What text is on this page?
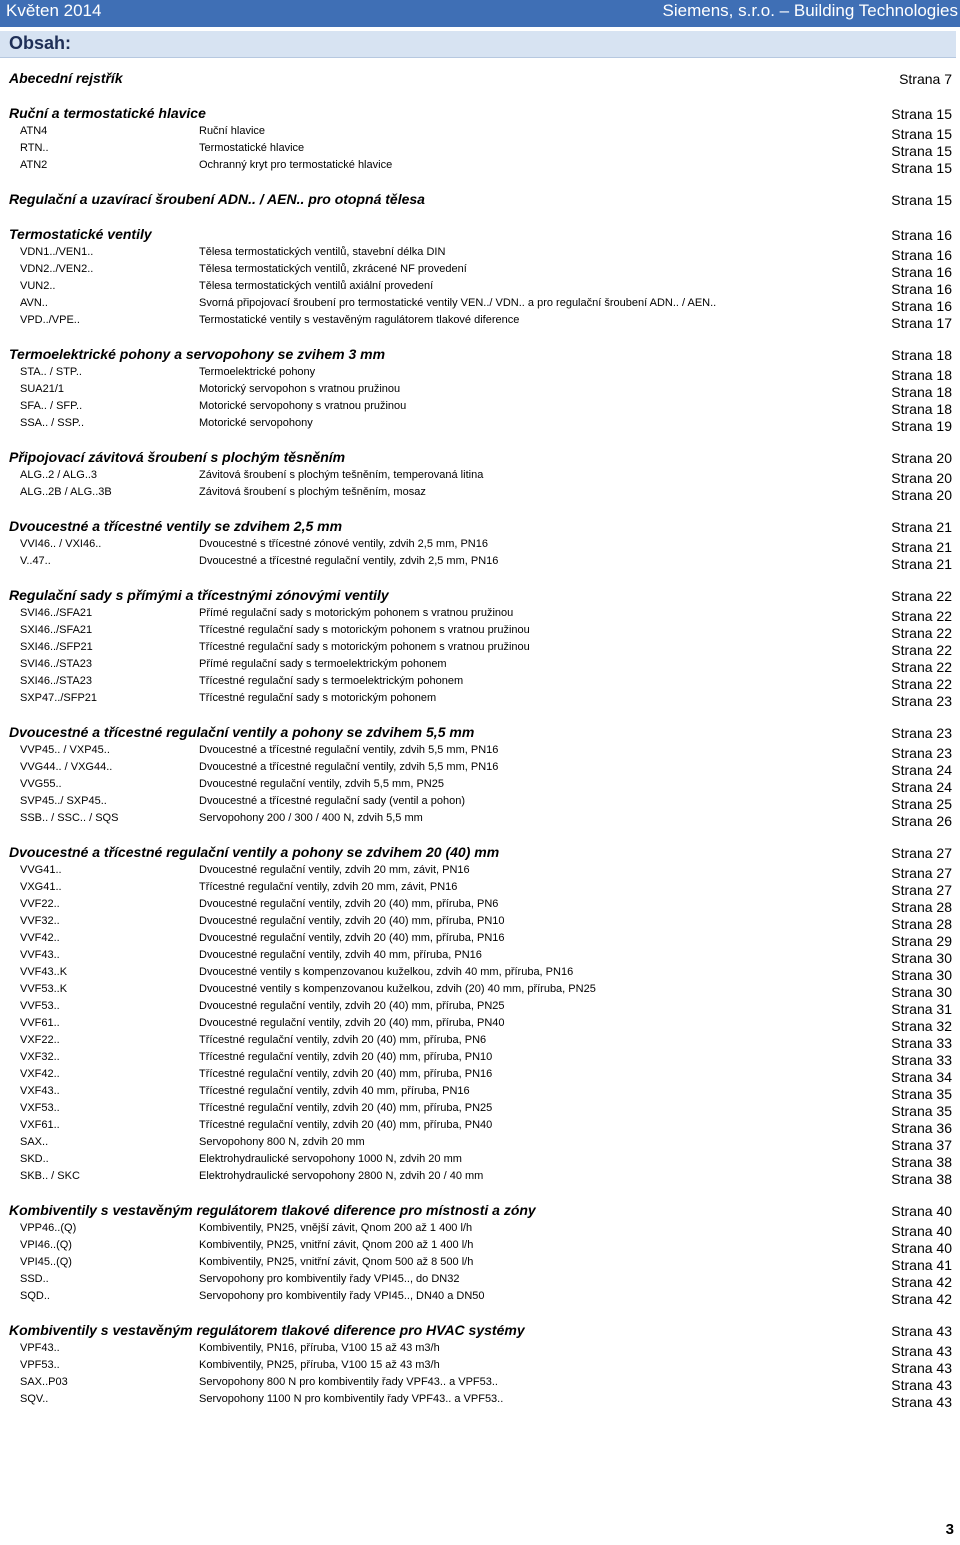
Květen 2014	Siemens, s.r.o. – Building Technologies
Obsah:
Abecední rejstřík	Strana 7
Ruční a termostatické hlavice	Strana 15
ATN4	Ruční hlavice	Strana 15
RTN..	Termostatické hlavice	Strana 15
ATN2	Ochranný kryt pro termostatické hlavice	Strana 15
Regulační a uzavírací šroubení ADN.. / AEN.. pro otopná tělesa	Strana 15
Termostatické ventily	Strana 16
VDN1../VEN1..	Tělesa termostatických ventilů, stavební délka DIN	Strana 16
VDN2../VEN2..	Tělesa termostatických ventilů, zkrácené NF provedení	Strana 16
VUN2..	Tělesa termostatických ventilů axiální provedení	Strana 16
AVN..	Svorná připojovací šroubení pro termostatické ventily VEN../ VDN.. a pro regulační šroubení ADN.. / AEN..	Strana 16
VPD../VPE..	Termostatické ventily s vestavěným ragulátorem tlakové diference	Strana 17
Termoelektrické pohony a servopohony se zvihem 3 mm	Strana 18
STA.. / STP..	Termoelektrické pohony	Strana 18
SUA21/1	Motorický servopohon s vratnou pružinou	Strana 18
SFA.. / SFP..	Motorické servopohony s vratnou pružinou	Strana 18
SSA.. / SSP..	Motorické servopohony	Strana 19
Připojovací závitová šroubení s plochým těsněním	Strana 20
ALG..2 / ALG..3	Závitová šroubení s plochým tešněním, temperovaná litina	Strana 20
ALG..2B / ALG..3B	Závitová šroubení s plochým tešněním, mosaz	Strana 20
Dvoucestné a třícestné ventily se zdvihem 2,5 mm	Strana 21
VVI46.. / VXI46..	Dvoucestné s třícestné zónové ventily, zdvih 2,5 mm, PN16	Strana 21
V..47..	Dvoucestné a třícestné regulační ventily, zdvih 2,5 mm, PN16	Strana 21
Regulační sady s přímými a třícestnými zónovými ventily	Strana 22
SVI46../SFA21	Přímé regulační sady s motorickým pohonem s vratnou pružinou	Strana 22
SXI46../SFA21	Třícestné regulační sady s motorickým pohonem s vratnou pružinou	Strana 22
SXI46../SFP21	Třícestné regulační sady s motorickým pohonem s vratnou pružinou	Strana 22
SVI46../STA23	Přímé regulační sady s termoelektrickým pohonem	Strana 22
SXI46../STA23	Třícestné regulační sady s termoelektrickým pohonem	Strana 22
SXP47../SFP21	Třícestné regulační sady s motorickým pohonem	Strana 23
Dvoucestné a třícestné regulační ventily a pohony se zdvihem 5,5 mm	Strana 23
VVP45.. / VXP45..	Dvoucestné a třícestné regulační ventily, zdvih 5,5 mm, PN16	Strana 23
VVG44.. / VXG44..	Dvoucestné a třícestné regulační ventily, zdvih 5,5 mm, PN16	Strana 24
VVG55..	Dvoucestné regulační ventily, zdvih 5,5 mm, PN25	Strana 24
SVP45../ SXP45..	Dvoucestné a třícestné regulační sady (ventil a pohon)	Strana 25
SSB.. / SSC.. / SQS	Servopohony 200 / 300 / 400 N, zdvih 5,5 mm	Strana 26
Dvoucestné a třícestné regulační ventily a pohony se zdvihem 20 (40) mm	Strana 27
VVG41..	Dvoucestné regulační ventily, zdvih 20 mm, závit, PN16	Strana 27
VXG41..	Třícestné regulační ventily, zdvih 20 mm, závit, PN16	Strana 27
VVF22..	Dvoucestné regulační ventily, zdvih 20 (40) mm, příruba, PN6	Strana 28
VVF32..	Dvoucestné regulační ventily, zdvih 20 (40) mm, příruba, PN10	Strana 28
VVF42..	Dvoucestné regulační ventily, zdvih 20 (40) mm, příruba, PN16	Strana 29
VVF43..	Dvoucestné regulační ventily, zdvih 40 mm, příruba, PN16	Strana 30
VVF43..K	Dvoucestné ventily s kompenzovanou kuželkou, zdvih 40 mm, příruba, PN16	Strana 30
VVF53..K	Dvoucestné ventily s kompenzovanou kuželkou, zdvih (20) 40 mm, příruba, PN25	Strana 30
VVF53..	Dvoucestné regulační ventily, zdvih 20 (40) mm, příruba, PN25	Strana 31
VVF61..	Dvoucestné regulační ventily, zdvih 20 (40) mm, příruba, PN40	Strana 32
VXF22..	Třícestné regulační ventily, zdvih 20 (40) mm, příruba, PN6	Strana 33
VXF32..	Třícestné regulační ventily, zdvih 20 (40) mm, příruba, PN10	Strana 33
VXF42..	Třícestné regulační ventily, zdvih 20 (40) mm, příruba, PN16	Strana 34
VXF43..	Třícestné regulační ventily, zdvih 40 mm, příruba, PN16	Strana 35
VXF53..	Třícestné regulační ventily, zdvih 20 (40) mm, příruba, PN25	Strana 35
VXF61..	Třícestné regulační ventily, zdvih 20 (40) mm, příruba, PN40	Strana 36
SAX..	Servopohony 800 N, zdvih 20 mm	Strana 37
SKD..	Elektrohydraulické servopohony 1000 N, zdvih 20 mm	Strana 38
SKB.. / SKC	Elektrohydraulické servopohony 2800 N, zdvih 20 / 40 mm	Strana 38
Kombiventily s vestavěným regulátorem tlakové diference pro místnosti a zóny	Strana 40
VPP46..(Q)	Kombiventily, PN25, vnější závit, Qnom 200 až 1 400 l/h	Strana 40
VPI46..(Q)	Kombiventily, PN25, vnitřní závit, Qnom 200 až 1 400 l/h	Strana 40
VPI45..(Q)	Kombiventily, PN25, vnitřní závit, Qnom 500 až 8 500 l/h	Strana 41
SSD..	Servopohony pro kombiventily řady VPI45.., do DN32	Strana 42
SQD..	Servopohony pro kombiventily řady VPI45.., DN40 a DN50	Strana 42
Kombiventily s vestavěným regulátorem tlakové diference pro HVAC systémy	Strana 43
VPF43..	Kombiventily, PN16, příruba, V100 15 až 43 m3/h	Strana 43
VPF53..	Kombiventily, PN25, příruba, V100 15 až 43 m3/h	Strana 43
SAX..P03	Servopohony 800 N pro kombiventily řady VPF43.. a VPF53..	Strana 43
SQV..	Servopohony 1100 N pro kombiventily řady VPF43.. a VPF53..	Strana 43
3
